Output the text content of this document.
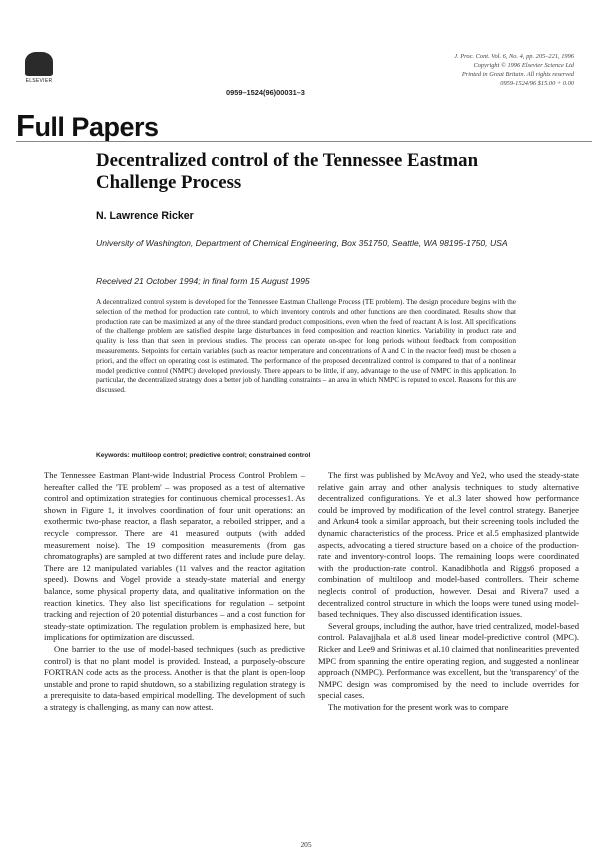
ELSEVIER
J. Proc. Cont. Vol. 6, No. 4, pp. 205–221, 1996
Copyright © 1996 Elsevier Science Ltd
Printed in Great Britain. All rights reserved
0959-1524/96 $15.00 + 0.00
0959–1524(96)00031–3
Full Papers
Decentralized control of the Tennessee Eastman Challenge Process
N. Lawrence Ricker
University of Washington, Department of Chemical Engineering, Box 351750, Seattle, WA 98195-1750, USA
Received 21 October 1994; in final form 15 August 1995
A decentralized control system is developed for the Tennessee Eastman Challenge Process (TE problem). The design procedure begins with the selection of the method for production rate control, to which inventory controls and other functions are then coordinated. Results show that production rate can be maximized at any of the three standard product compositions, even when the feed of reactant A is lost. All specifications of the challenge problem are satisfied despite large disturbances in feed composition and reaction kinetics. Variability in product rate and quality is less than that seen in previous studies. The process can operate on-spec for long periods without feedback from composition measurements. Setpoints for certain variables (such as reactor temperature and concentrations of A and C in the reactor feed) must be chosen a priori, and the effect on operating cost is estimated. The performance of the proposed decentralized control is compared to that of a nonlinear model predictive control (NMPC) developed previously. There appears to be little, if any, advantage to the use of NMPC in this application. In particular, the decentralized strategy does a better job of handling constraints – an area in which NMPC is reputed to excel. Reasons for this are discussed.
Keywords: multiloop control; predictive control; constrained control

The Tennessee Eastman Plant-wide Industrial Process Control Problem – hereafter called the 'TE problem' – was proposed as a test of alternative control and optimization strategies for continuous chemical processes1. As shown in Figure 1, it involves coordination of four unit operations: an exothermic two-phase reactor, a flash separator, a reboiled stripper, and a recycle compressor. There are 41 measured outputs (with added measurement noise). The 19 composition measurements (from gas chromatographs) are sampled at two different rates and include pure delay. There are 12 manipulated variables (11 valves and the reactor agitation speed). Downs and Vogel provide a steady-state material and energy balance, some physical property data, and qualitative information on the reaction kinetics. They also list specifications for regulation – setpoint tracking and rejection of 20 potential disturbances – and a cost function for steady-state optimization. The regulation problem is emphasized here, but implications for optimization are discussed.

One barrier to the use of model-based techniques (such as predictive control) is that no plant model is provided. Instead, a purposely-obscure FORTRAN code acts as the process. Another is that the plant is open-loop unstable and prone to rapid shutdown, so a stabilizing regulation strategy is a prerequisite to data-based empirical modelling. The development of such a strategy is challenging, as many can now attest.

The first was published by McAvoy and Ye2, who used the steady-state relative gain array and other analysis techniques to study alternative decentralized configurations. Ye et al.3 later showed how performance could be improved by modification of the level control strategy. Banerjee and Arkun4 took a similar approach, but their screening tools included the dynamic characteristics of the process. Price et al.5 emphasized plantwide aspects, advocating a tiered structure based on a choice of the production-rate and inventory-control loops. The remaining loops were coordinated with the production-rate control. Kanadibhotla and Riggs6 proposed a combination of multiloop and model-based controllers. Their scheme neglects control of production, however. Desai and Rivera7 used a decentralized control structure in which the loops were tuned using model-based techniques. They also discussed identification issues.

Several groups, including the author, have tried centralized, model-based control. Palavajjhala et al.8 used linear model-predictive control (MPC). Ricker and Lee9 and Sriniwas et al.10 claimed that nonlinearities prevented MPC from spanning the entire operating region, and suggested a nonlinear approach (NMPC). Performance was excellent, but the 'transparency' of the NMPC design was compromised by the need to include overrides for special cases.

The motivation for the present work was to compare

205
